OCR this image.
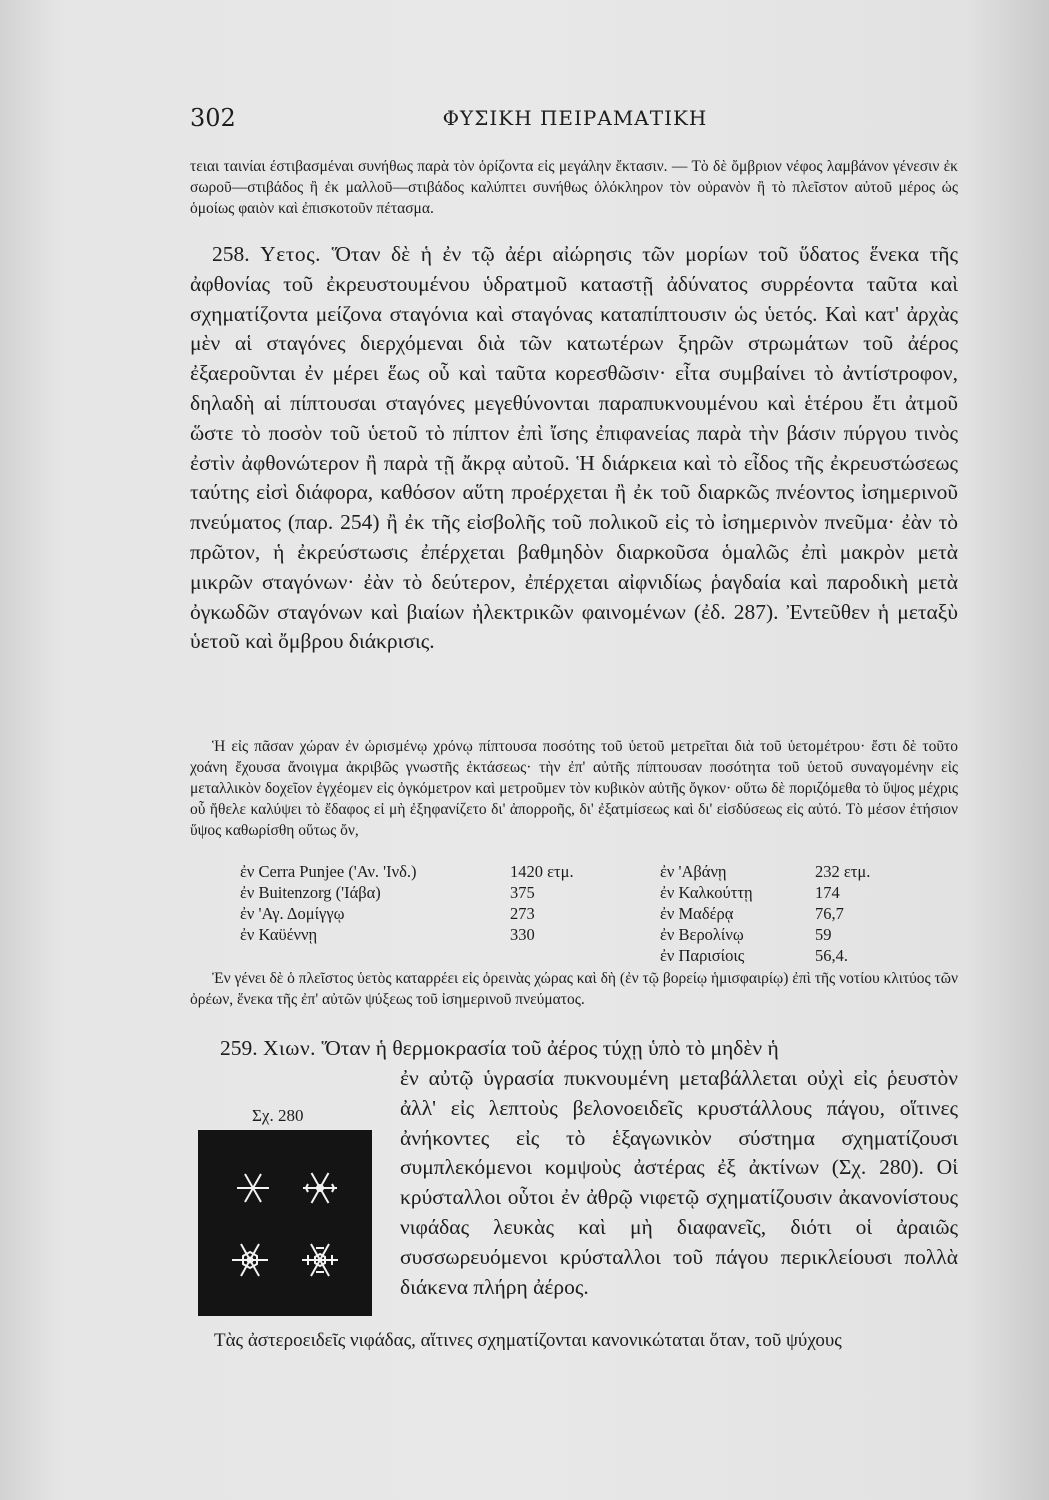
302	ΦΥΣΙΚΗ ΠΕΙΡΑΜΑΤΙΚΗ
τειαι ταινίαι έστιβασμέναι συνήθως παρὰ τὸν ὁρίζοντα εἰς μεγάλην ἔκτασιν. — Τὸ δὲ ὄμβριον νέφος λαμβάνον γένεσιν ἐκ σωροῦ—στιβάδος ἢ ἐκ μαλλοῦ—στιβάδος καλύπτει συνήθως ὁλόκληρον τὸν οὐρανὸν ἢ τὸ πλεῖστον αὐτοῦ μέρος ὡς ὁμοίως φαιὸν καὶ ἐπισκοτοῦν πέτασμα.
258. Υετος. Ὅταν δὲ ἡ ἐν τῷ ἀέρι αἰώρησις τῶν μορίων τοῦ ὕδατος ἕνεκα τῆς ἀφθονίας τοῦ ἐκρευστουμένου ὑδρατμοῦ καταστῇ ἀδύνατος συρρέοντα ταῦτα καὶ σχηματίζοντα μείζονα σταγόνια καὶ σταγόνας καταπίπτουσιν ὡς ὑετός. Καὶ κατ' ἀρχὰς μὲν αἱ σταγόνες διερχόμεναι διὰ τῶν κατωτέρων ξηρῶν στρωμάτων τοῦ ἀέρος ἐξαεροῦνται ἐν μέρει ἕως οὗ καὶ ταῦτα κορεσθῶσιν· εἶτα συμβαίνει τὸ ἀντίστροφον, δηλαδὴ αἱ πίπτουσαι σταγόνες μεγεθύνονται παραπυκνουμένου καὶ ἑτέρου ἔτι ἀτμοῦ ὥστε τὸ ποσὸν τοῦ ὑετοῦ τὸ πίπτον ἐπὶ ἴσης ἐπιφανείας παρὰ τὴν βάσιν πύργου τινὸς ἐστὶν ἀφθονώτερον ἢ παρὰ τῇ ἄκρᾳ αὐτοῦ. Ἡ διάρκεια καὶ τὸ εἶδος τῆς ἐκρευστώσεως ταύτης εἰσὶ διάφορα, καθόσον αὕτη προέρχεται ἢ ἐκ τοῦ διαρκῶς πνέοντος ἰσημερινοῦ πνεύματος (παρ. 254) ἢ ἐκ τῆς εἰσβολῆς τοῦ πολικοῦ εἰς τὸ ἰσημερινὸν πνεῦμα· ἐὰν τὸ πρῶτον, ἡ ἐκρεύστωσις ἐπέρχεται βαθμηδὸν διαρκοῦσα ὁμαλῶς ἐπὶ μακρὸν μετὰ μικρῶν σταγόνων· ἐὰν τὸ δεύτερον, ἐπέρχεται αἰφνιδίως ῥαγδαία καὶ παροδικὴ μετὰ ὀγκωδῶν σταγόνων καὶ βιαίων ἠλεκτρικῶν φαινομένων (ἐδ. 287). Ἐντεῦθεν ἡ μεταξὺ ὑετοῦ καὶ ὄμβρου διάκρισις.
Ἡ εἰς πᾶσαν χώραν ἐν ὡρισμένῳ χρόνῳ πίπτουσα ποσότης τοῦ ὑετοῦ μετρεῖται διὰ τοῦ ὑετομέτρου· ἔστι δὲ τοῦτο χοάνη ἔχουσα ἄνοιγμα ἀκριβῶς γνωστῆς ἐκτάσεως· τὴν ἐπ' αὐτῆς πίπτουσαν ποσότητα τοῦ ὑετοῦ συναγομένην εἰς μεταλλικὸν δοχεῖον ἐγχέομεν εἰς ὀγκόμετρον καὶ μετροῦμεν τὸν κυβικὸν αὐτῆς ὄγκον· οὕτω δὲ πoριζόμεθα τὸ ὕψος μέχρις οὗ ἤθελε καλύψει τὸ ἔδαφος εἰ μὴ ἐξηφανίζετο δι' ἀπορροῆς, δι' ἐξατμίσεως καὶ δι' εἰσδύσεως εἰς αὐτό. Τὸ μέσον ἐτήσιον ὕψος καθωρίσθη οὕτως ὄν,
ἐν Cerra Punjee ('Αν. 'Ινδ.)	1420 ετμ.	ἐν 'Αβάνῃ	232 ετμ.
ἐν Buitenzorg ('Ιάβα)	375	ἐν Καλκούττῃ	174
ἐν 'Αγ. Δομίγγῳ	273	ἐν Μαδέρᾳ	76,7
ἐν Καϋέννῃ	330	ἐν Βερολίνῳ	59
		ἐν Παρισίοις	56,4.
Ἐν γένει δὲ ὁ πλεῖστος ὑετὸς καταρρέει εἰς ὀρεινὰς χώρας καὶ δὴ (ἐν τῷ βορείῳ ἡμισφαιρίῳ) ἐπὶ τῆς νοτίου κλιτύος τῶν ὀρέων, ἕνεκα τῆς ἐπ' αὐτῶν ψύξεως τοῦ ἰσημερινοῦ πνεύματος.
259. Χιων. Ὅταν ἡ θερμοκρασία τοῦ ἀέρος τύχῃ ὑπὸ τὸ μηδὲν ἡ
ἐν αὐτῷ ὑγρασία πυκνουμένη μεταβάλλεται οὐχὶ εἰς ῥευστὸν ἀλλ' εἰς λεπτοὺς βελονοειδεῖς κρυστάλλους πάγου, οἵτινες ἀνήκοντες εἰς τὸ ἑξαγωνικὸν σύστημα σχηματίζουσι συμπλεκόμενοι κομψοὺς ἀστέρας ἐξ ἀκτίνων (Σχ. 280). Οἱ κρύσταλλοι οὗτοι ἐν ἀθρῷ νιφετῷ σχηματίζουσιν ἀκανονίστους νιφάδας λευκὰς καὶ μὴ διαφανεῖς, διότι οἱ ἀραιῶς συσσωρευόμενοι κρύσταλλοι τοῦ πάγου περικλείουσι πολλὰ διάκενα πλήρη ἀέρος.
Σχ. 280
Τὰς ἀστεροειδεῖς νιφάδας, αἵτινες σχηματίζονται κανονικώταται ὅταν, τοῦ ψύχους
